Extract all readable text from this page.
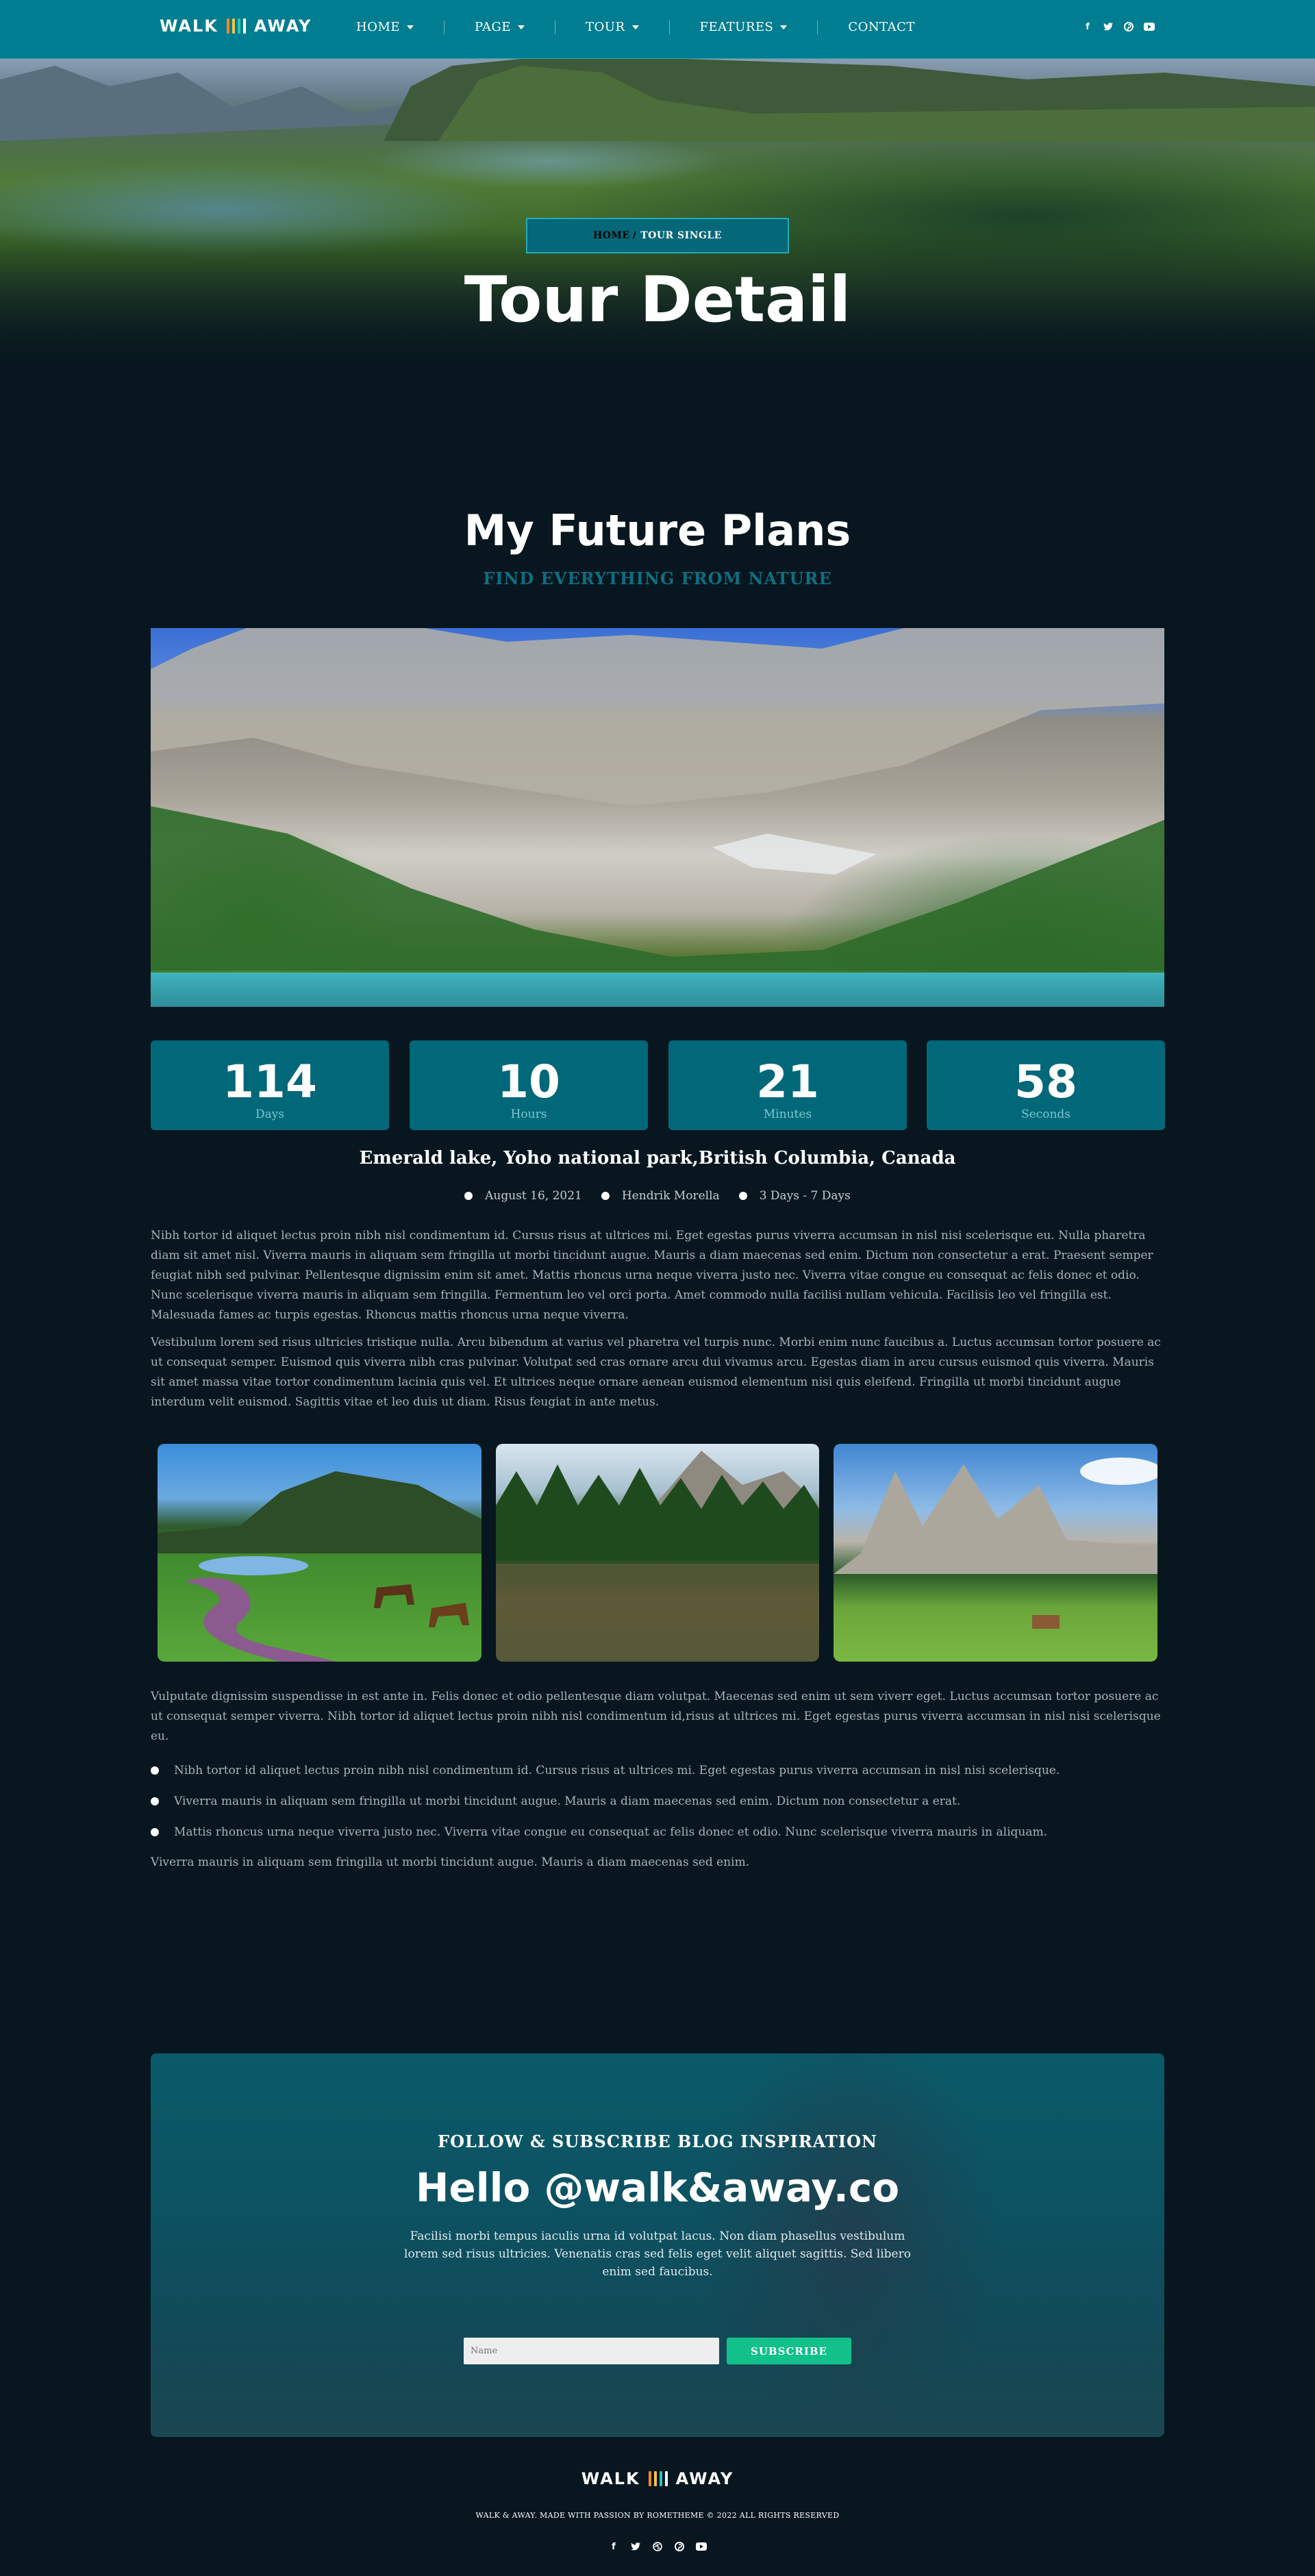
WALK AWAY	HOME	PAGE	TOUR	FEATURES	CONTACT	f
HOME / TOUR SINGLE
Tour Detail
My Future Plans
FIND EVERYTHING FROM NATURE
114
Days
10
Hours
21
Minutes
58
Seconds
Emerald lake, Yoho national park,British Columbia, Canada
August 16, 2021	Hendrik Morella	3 Days - 7 Days

Nibh tortor id aliquet lectus proin nibh nisl condimentum id. Cursus risus at ultrices mi. Eget egestas purus viverra accumsan in nisl nisi scelerisque eu. Nulla pharetra diam sit amet nisl. Viverra mauris in aliquam sem fringilla ut morbi tincidunt augue. Mauris a diam maecenas sed enim. Dictum non consectetur a erat. Praesent semper feugiat nibh sed pulvinar. Pellentesque dignissim enim sit amet. Mattis rhoncus urna neque viverra justo nec. Viverra vitae congue eu consequat ac felis donec et odio. Nunc scelerisque viverra mauris in aliquam sem fringilla. Fermentum leo vel orci porta. Amet commodo nulla facilisi nullam vehicula. Facilisis leo vel fringilla est. Malesuada fames ac turpis egestas. Rhoncus mattis rhoncus urna neque viverra.

Vestibulum lorem sed risus ultricies tristique nulla. Arcu bibendum at varius vel pharetra vel turpis nunc. Morbi enim nunc faucibus a. Luctus accumsan tortor posuere ac ut consequat semper. Euismod quis viverra nibh cras pulvinar. Volutpat sed cras ornare arcu dui vivamus arcu. Egestas diam in arcu cursus euismod quis viverra. Mauris sit amet massa vitae tortor condimentum lacinia quis vel. Et ultrices neque ornare aenean euismod elementum nisi quis eleifend. Fringilla ut morbi tincidunt augue interdum velit euismod. Sagittis vitae et leo duis ut diam. Risus feugiat in ante metus.

Vulputate dignissim suspendisse in est ante in. Felis donec et odio pellentesque diam volutpat. Maecenas sed enim ut sem viverr eget. Luctus accumsan tortor posuere ac ut consequat semper viverra. Nibh tortor id aliquet lectus proin nibh nisl condimentum id,risus at ultrices mi. Eget egestas purus viverra accumsan in nisl nisi scelerisque eu.

Nibh tortor id aliquet lectus proin nibh nisl condimentum id. Cursus risus at ultrices mi. Eget egestas purus viverra accumsan in nisl nisi scelerisque.
Viverra mauris in aliquam sem fringilla ut morbi tincidunt augue. Mauris a diam maecenas sed enim. Dictum non consectetur a erat.
Mattis rhoncus urna neque viverra justo nec. Viverra vitae congue eu consequat ac felis donec et odio. Nunc scelerisque viverra mauris in aliquam.

Viverra mauris in aliquam sem fringilla ut morbi tincidunt augue. Mauris a diam maecenas sed enim.

FOLLOW & SUBSCRIBE BLOG INSPIRATION
Hello @walk&away.co

Facilisi morbi tempus iaculis urna id volutpat lacus. Non diam phasellus vestibulum lorem sed risus ultricies. Venenatis cras sed felis eget velit aliquet sagittis. Sed libero enim sed faucibus.

Name
SUBSCRIBE
WALK AWAY
WALK & AWAY. MADE WITH PASSION BY ROMETHEME © 2022 ALL RIGHTS RESERVED
f
